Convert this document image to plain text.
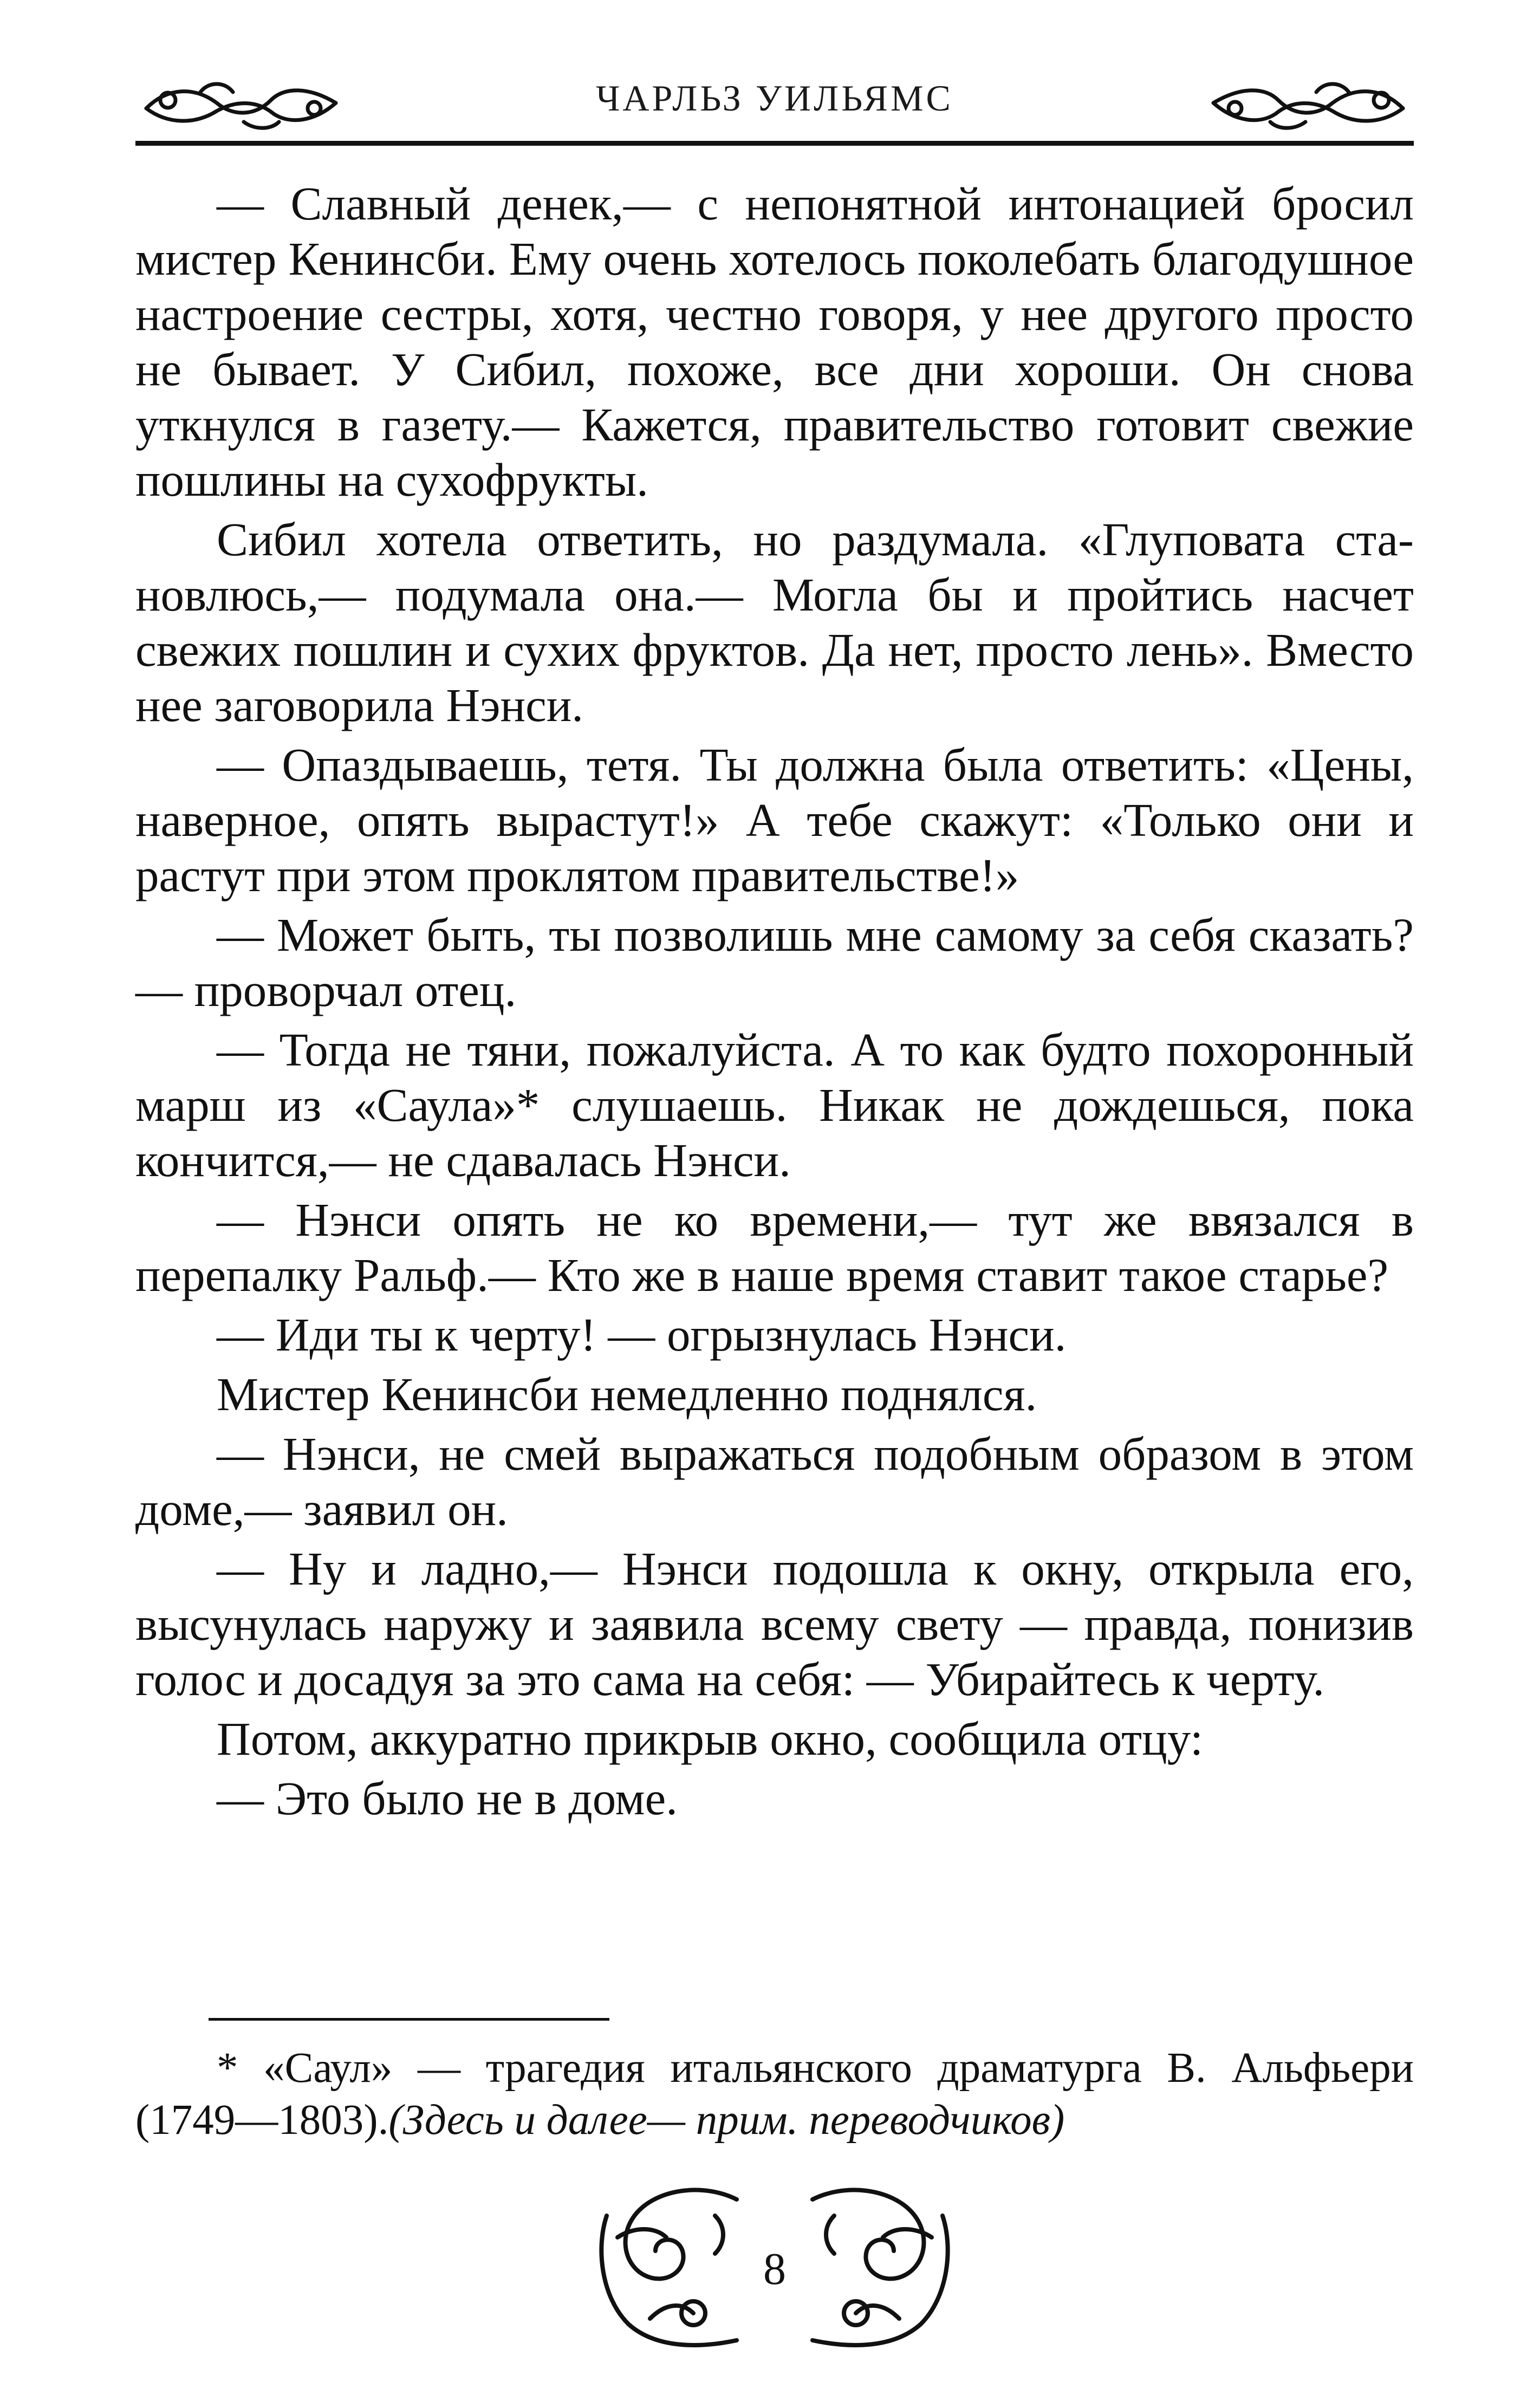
ЧАРЛЬЗ УИЛЬЯМС

— Славный денек,— с непонятной интонацией бросил мистер Кенинсби. Ему очень хотелось поколебать благодушное настроение сестры, хотя, честно говоря, у нее другого просто не бывает. У Сибил, похоже, все дни хороши. Он снова уткнулся в газету.— Кажется, правительство готовит свежие пошлины на сухофрукты.

Сибил хотела ответить, но раздумала. «Глуповата становлюсь,— подумала она.— Могла бы и пройтись насчет свежих пошлин и сухих фруктов. Да нет, просто лень». Вместо нее заговорила Нэнси.

— Опаздываешь, тетя. Ты должна была ответить: «Цены, наверное, опять вырастут!» А тебе скажут: «Только они и растут при этом проклятом правительстве!»

— Может быть, ты позволишь мне самому за себя сказать? — проворчал отец.

— Тогда не тяни, пожалуйста. А то как будто похоронный марш из «Саула»* слушаешь. Никак не дождешься, пока кончится,— не сдавалась Нэнси.

— Нэнси опять не ко времени,— тут же ввязался в перепалку Ральф.— Кто же в наше время ставит такое старье?

— Иди ты к черту! — огрызнулась Нэнси.

Мистер Кенинсби немедленно поднялся.

— Нэнси, не смей выражаться подобным образом в этом доме,— заявил он.

— Ну и ладно,— Нэнси подошла к окну, открыла его, высунулась наружу и заявила всему свету — правда, понизив голос и досадуя за это сама на себя: — Убирайтесь к черту.

Потом, аккуратно прикрыв окно, сообщила отцу:

— Это было не в доме.

* «Саул» — трагедия итальянского драматурга В. Альфьери (1749—1803).(Здесь и далее— прим. переводчиков)

8
